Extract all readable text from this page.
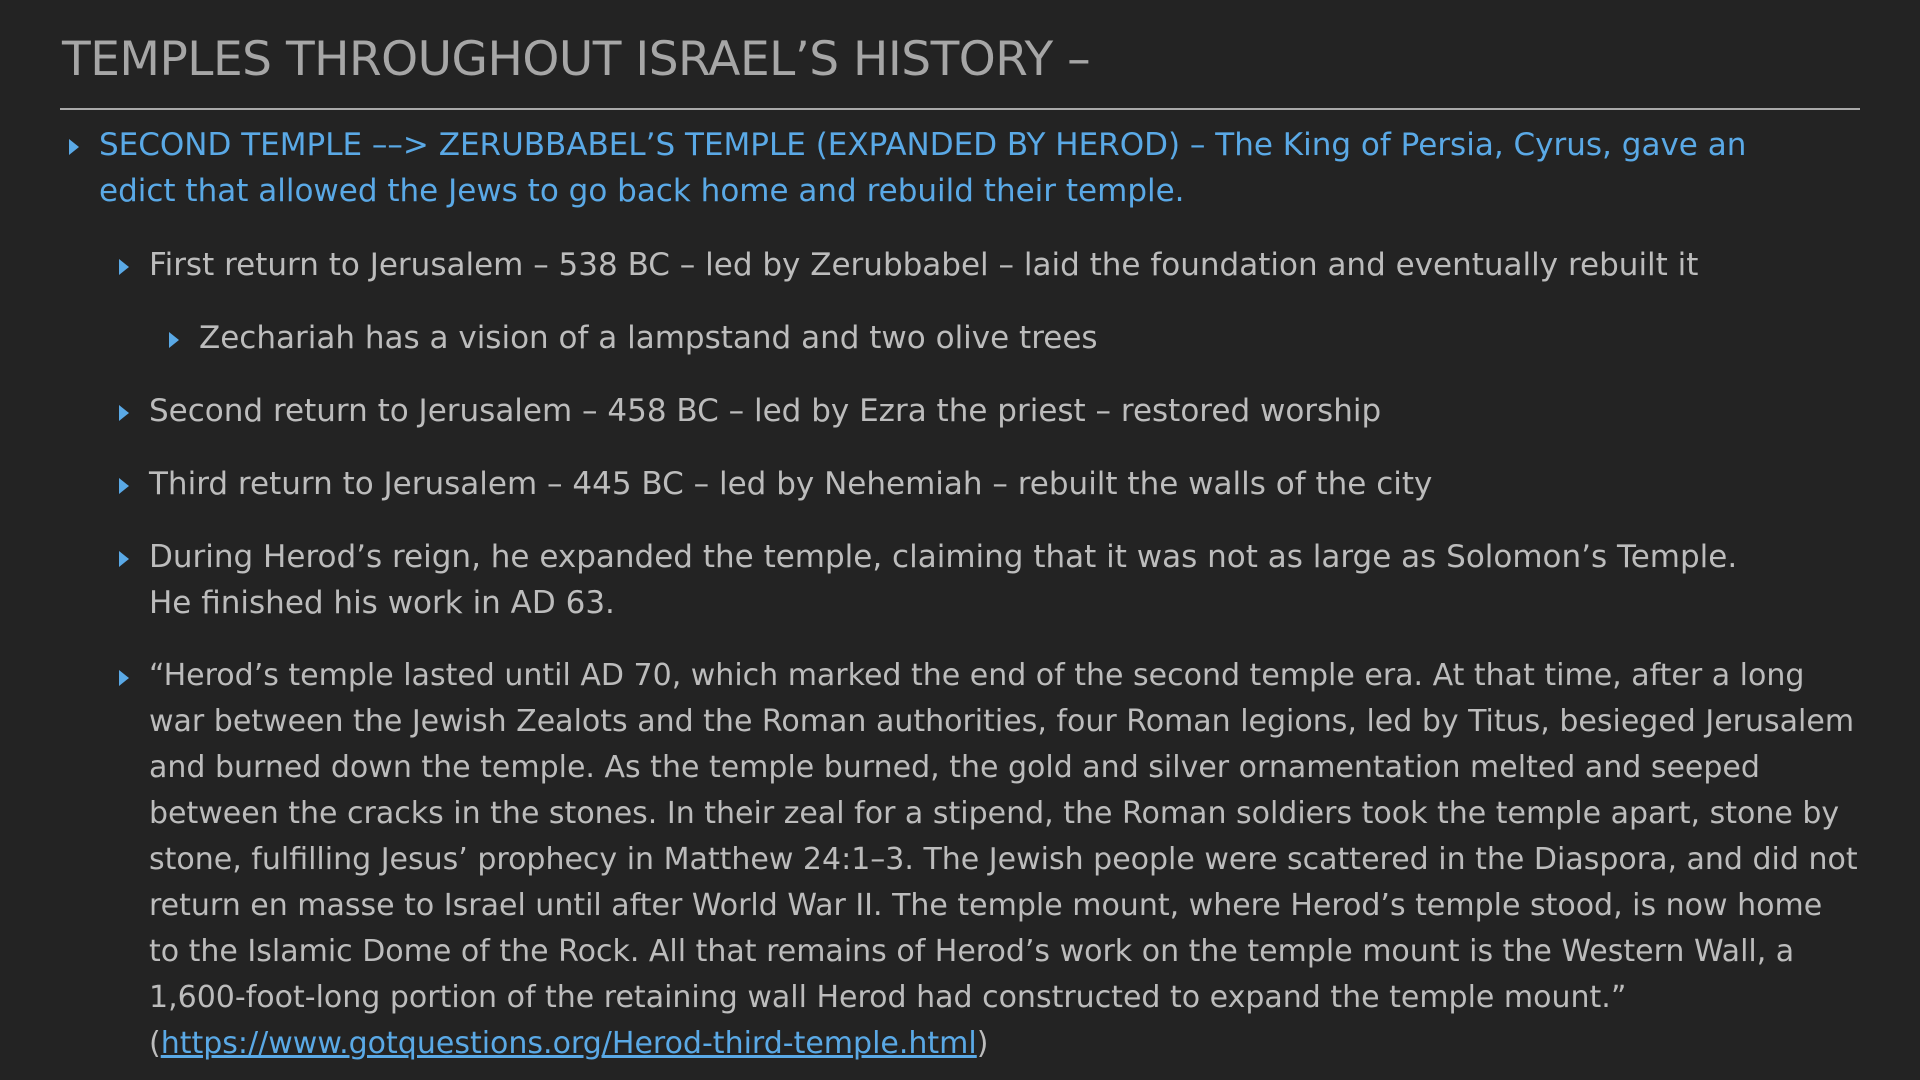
TEMPLES THROUGHOUT ISRAEL’S HISTORY –
SECOND TEMPLE ––> ZERUBBABEL’S TEMPLE (EXPANDED BY HEROD) – The King of Persia, Cyrus, gave an edict that allowed the Jews to go back home and rebuild their temple.
First return to Jerusalem – 538 BC – led by Zerubbabel – laid the foundation and eventually rebuilt it
Zechariah has a vision of a lampstand and two olive trees
Second return to Jerusalem – 458 BC – led by Ezra the priest – restored worship
Third return to Jerusalem – 445 BC – led by Nehemiah – rebuilt the walls of the city
During Herod’s reign, he expanded the temple, claiming that it was not as large as Solomon’s Temple. He finished his work in AD 63.
“Herod’s temple lasted until AD 70, which marked the end of the second temple era. At that time, after a long war between the Jewish Zealots and the Roman authorities, four Roman legions, led by Titus, besieged Jerusalem and burned down the temple. As the temple burned, the gold and silver ornamentation melted and seeped between the cracks in the stones. In their zeal for a stipend, the Roman soldiers took the temple apart, stone by stone, fulfilling Jesus’ prophecy in Matthew 24:1–3. The Jewish people were scattered in the Diaspora, and did not return en masse to Israel until after World War II. The temple mount, where Herod’s temple stood, is now home to the Islamic Dome of the Rock. All that remains of Herod’s work on the temple mount is the Western Wall, a 1,600-foot-long portion of the retaining wall Herod had constructed to expand the temple mount.” (https://www.gotquestions.org/Herod-third-temple.html)
